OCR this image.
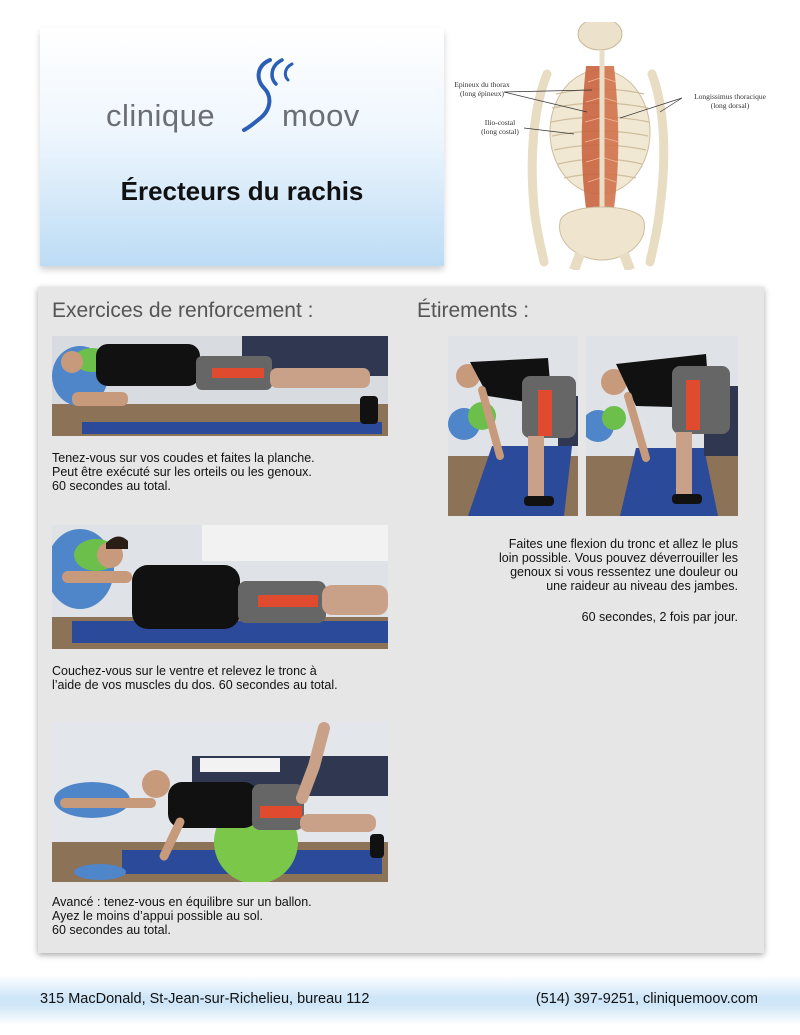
clinique moov
Érecteurs du rachis
Epineux du thorax
(long épineux)
Ilio-costal
(long costal)
Longissimus thoracique
(long dorsal)
Exercices de renforcement :	Étirements :
Tenez-vous sur vos coudes et faites la planche.
Peut être exécuté sur les orteils ou les genoux.
60 secondes au total.
Couchez-vous sur le ventre et relevez le tronc à
l’aide de vos muscles du dos. 60 secondes au total.
Avancé : tenez-vous en équilibre sur un ballon.
Ayez le moins d’appui possible au sol.
60 secondes au total.
Faites une flexion du tronc et allez le plus
loin possible. Vous pouvez déverrouiller les
genoux si vous ressentez une douleur ou
une raideur au niveau des jambes.
60 secondes, 2 fois par jour.
315 MacDonald, St-Jean-sur-Richelieu, bureau 112	(514) 397-9251, cliniquemoov.com
